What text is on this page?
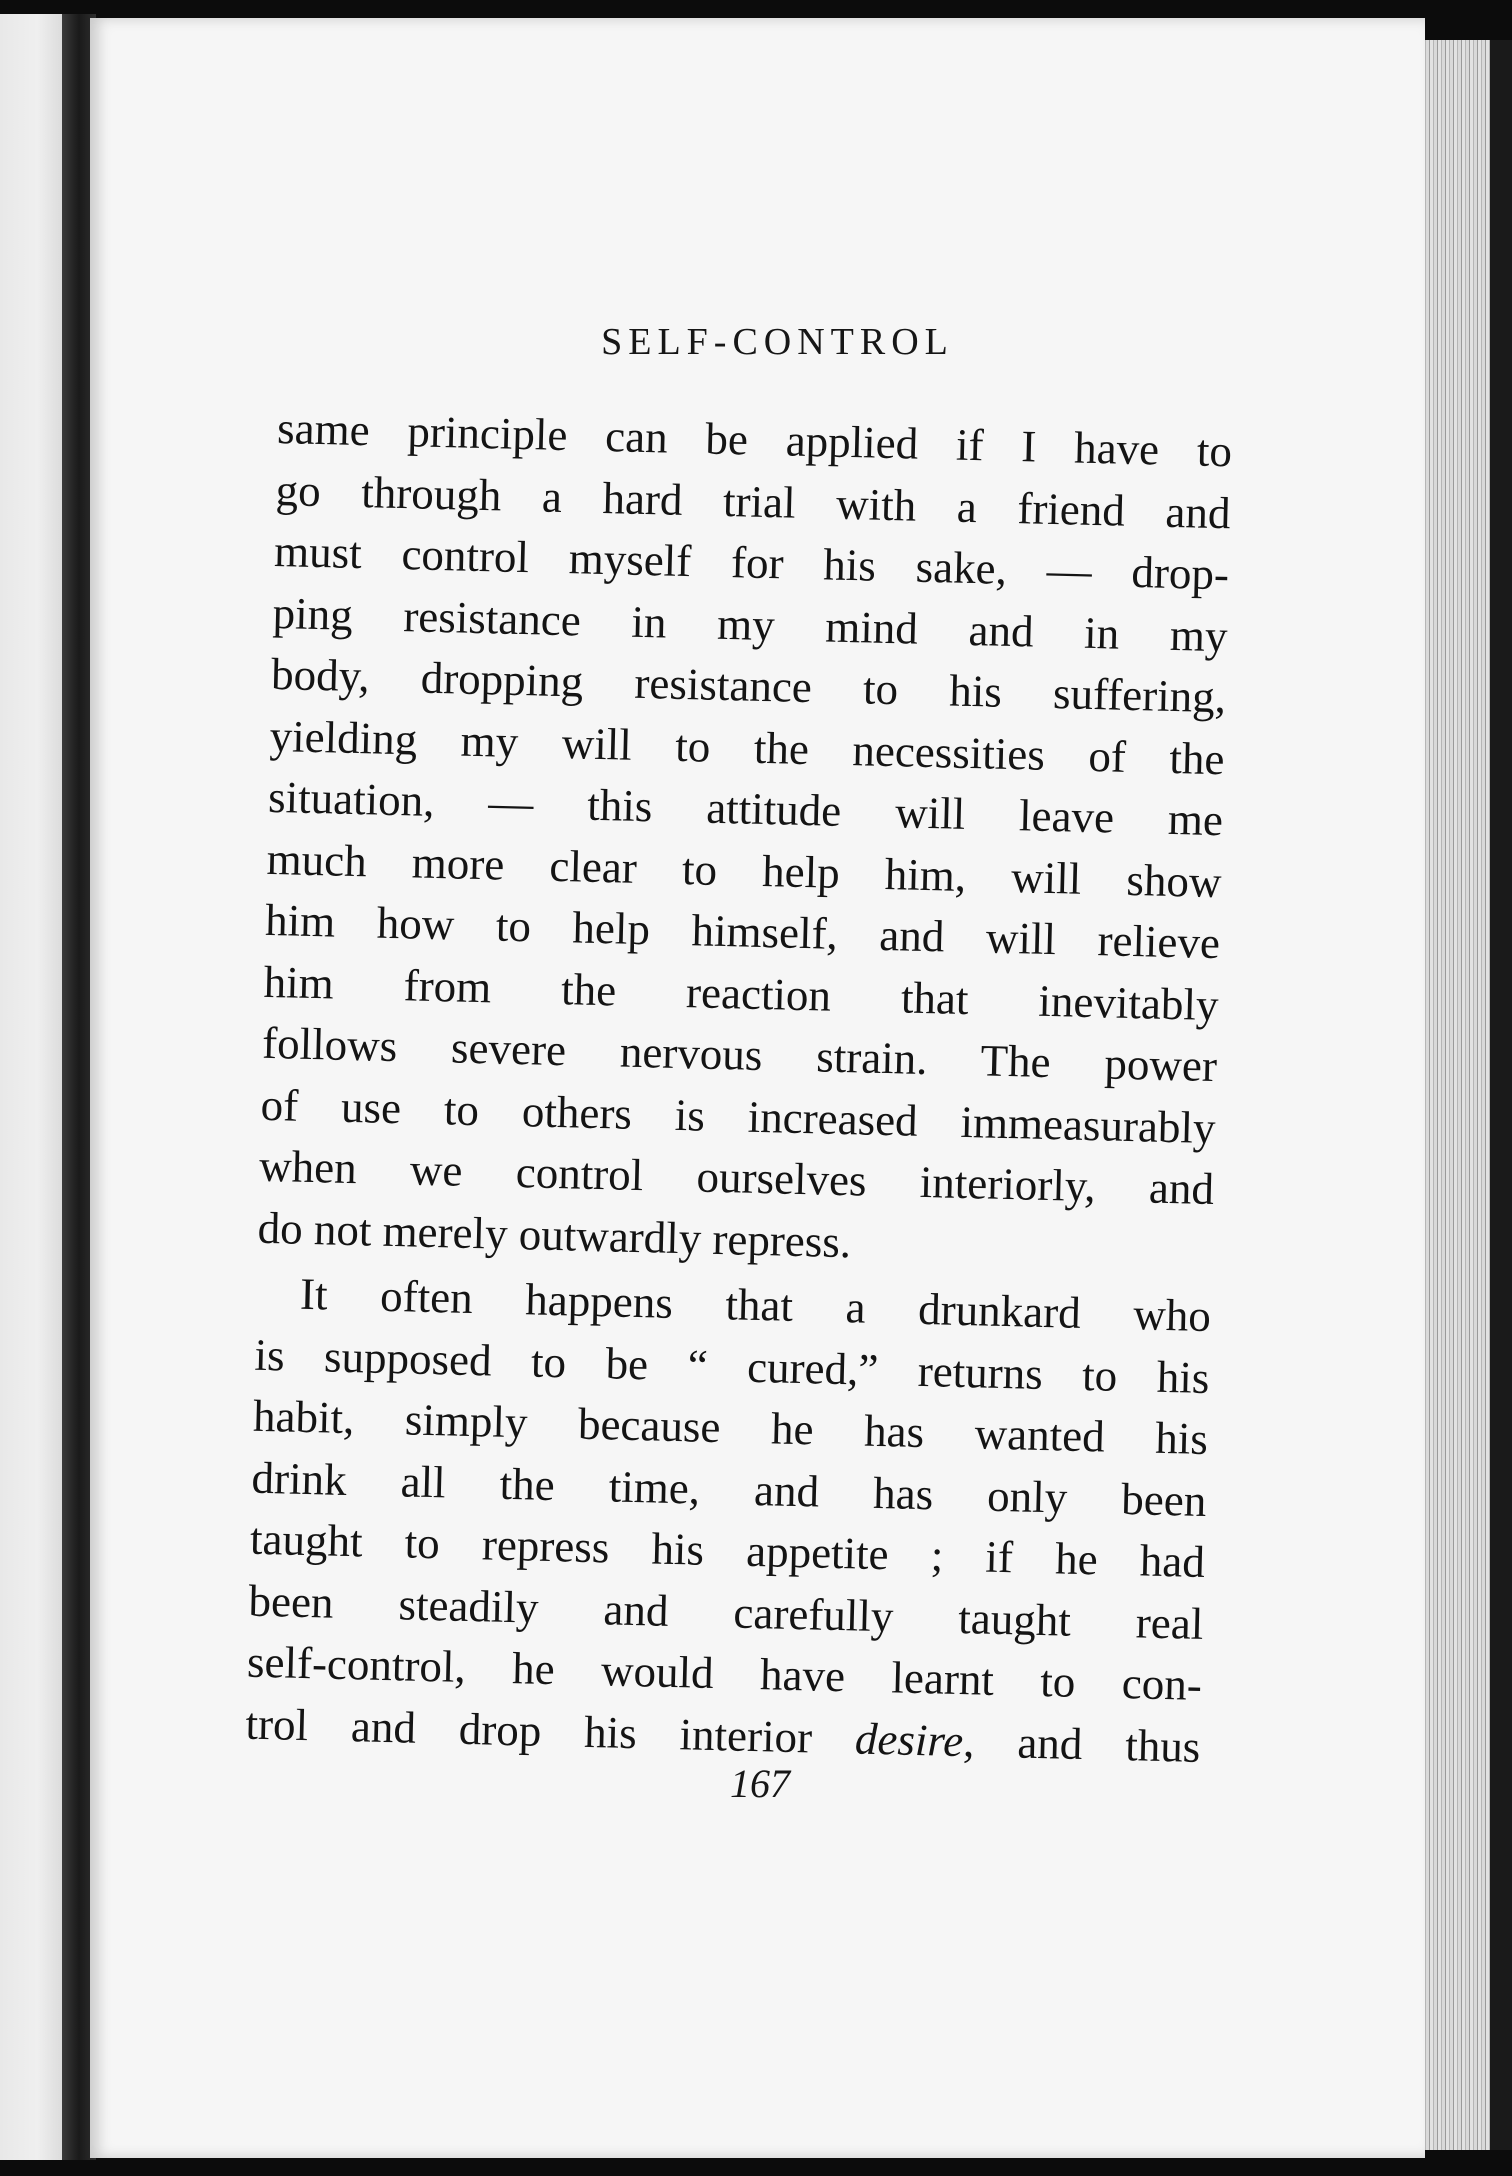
SELF-CONTROL
same principle can be applied if I have to
go through a hard trial with a friend and
must control myself for his sake, — drop-
ping resistance in my mind and in my
body, dropping resistance to his suffering,
yielding my will to the necessities of the
situation, — this attitude will leave me
much more clear to help him, will show
him how to help himself, and will relieve
him from the reaction that inevitably
follows severe nervous strain. The power
of use to others is increased immeasurably
when we control ourselves interiorly, and
do not merely outwardly repress.
It often happens that a drunkard who
is supposed to be “ cured,” returns to his
habit, simply because he has wanted his
drink all the time, and has only been
taught to repress his appetite ; if he had
been steadily and carefully taught real
self-control, he would have learnt to con-
trol and drop his interior desire, and thus
167
